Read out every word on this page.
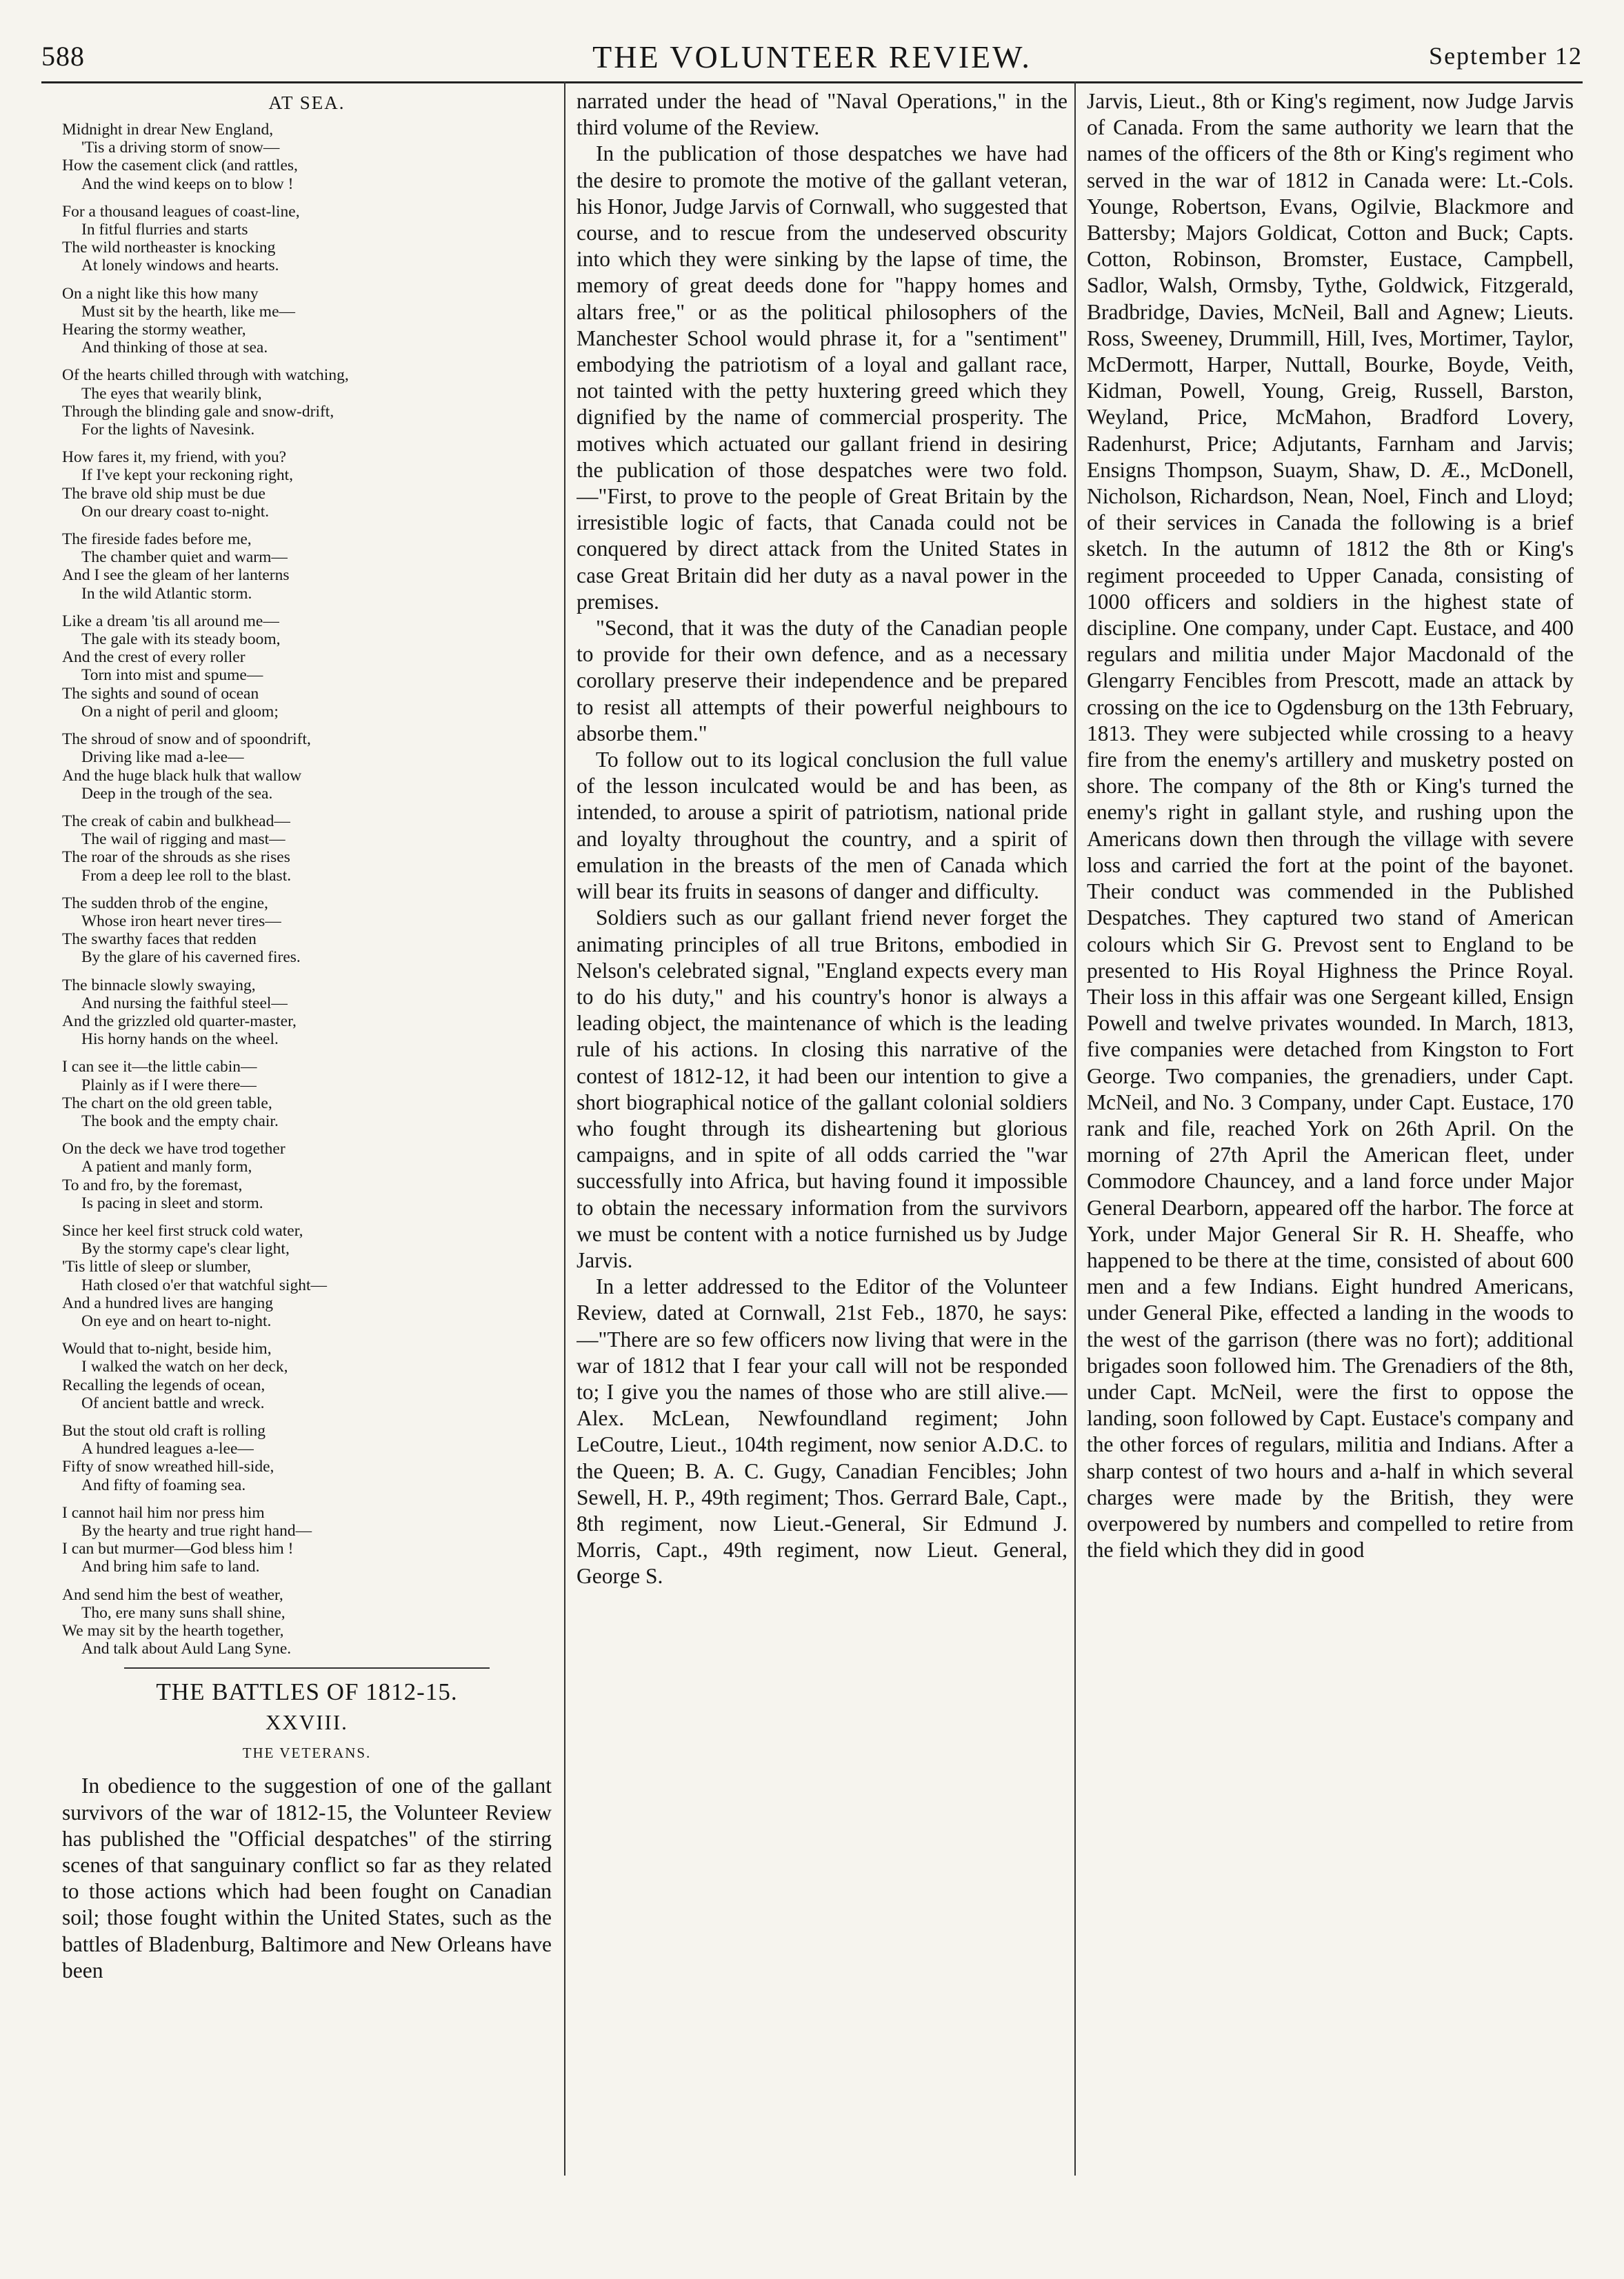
588	THE VOLUNTEER REVIEW.	September 12
AT SEA.
Midnight in drear New England,
'Tis a driving storm of snow—
How the casement click (and rattles,
And the wind keeps on to blow !
For a thousand leagues of coast-line,
In fitful flurries and starts
The wild northeaster is knocking
At lonely windows and hearts.
On a night like this how many
Must sit by the hearth, like me—
Hearing the stormy weather,
And thinking of those at sea.
Of the hearts chilled through with watching,
The eyes that wearily blink,
Through the blinding gale and snow-drift,
For the lights of Navesink.
How fares it, my friend, with you?
If I've kept your reckoning right,
The brave old ship must be due
On our dreary coast to-night.
The fireside fades before me,
The chamber quiet and warm—
And I see the gleam of her lanterns
In the wild Atlantic storm.
Like a dream 'tis all around me—
The gale with its steady boom,
And the crest of every roller
Torn into mist and spume—
The sights and sound of ocean
On a night of peril and gloom;
The shroud of snow and of spoondrift,
Driving like mad a-lee—
And the huge black hulk that wallow
Deep in the trough of the sea.
The creak of cabin and bulkhead—
The wail of rigging and mast—
The roar of the shrouds as she rises
From a deep lee roll to the blast.
The sudden throb of the engine,
Whose iron heart never tires—
The swarthy faces that redden
By the glare of his caverned fires.
The binnacle slowly swaying,
And nursing the faithful steel—
And the grizzled old quarter-master,
His horny hands on the wheel.
I can see it—the little cabin—
Plainly as if I were there—
The chart on the old green table,
The book and the empty chair.
On the deck we have trod together
A patient and manly form,
To and fro, by the foremast,
Is pacing in sleet and storm.
Since her keel first struck cold water,
By the stormy cape's clear light,
'Tis little of sleep or slumber,
Hath closed o'er that watchful sight—
And a hundred lives are hanging
On eye and on heart to-night.
Would that to-night, beside him,
I walked the watch on her deck,
Recalling the legends of ocean,
Of ancient battle and wreck.
But the stout old craft is rolling
A hundred leagues a-lee—
Fifty of snow wreathed hill-side,
And fifty of foaming sea.
I cannot hail him nor press him
By the hearty and true right hand—
I can but murmer—God bless him !
And bring him safe to land.
And send him the best of weather,
Tho, ere many suns shall shine,
We may sit by the hearth together,
And talk about Auld Lang Syne.
THE BATTLES OF 1812-15.
XXVIII.
THE VETERANS.

In obedience to the suggestion of one of the gallant survivors of the war of 1812-15, the Volunteer Review has published the "Official despatches" of the stirring scenes of that sanguinary conflict so far as they related to those actions which had been fought on Canadian soil; those fought within the United States, such as the battles of Bladenburg, Baltimore and New Orleans have been

narrated under the head of "Naval Operations," in the third volume of the Review.

In the publication of those despatches we have had the desire to promote the motive of the gallant veteran, his Honor, Judge Jarvis of Cornwall, who suggested that course, and to rescue from the undeserved obscurity into which they were sinking by the lapse of time, the memory of great deeds done for "happy homes and altars free," or as the political philosophers of the Manchester School would phrase it, for a "sentiment" embodying the patriotism of a loyal and gallant race, not tainted with the petty huxtering greed which they dignified by the name of commercial prosperity. The motives which actuated our gallant friend in desiring the publication of those despatches were two fold.—"First, to prove to the people of Great Britain by the irresistible logic of facts, that Canada could not be conquered by direct attack from the United States in case Great Britain did her duty as a naval power in the premises.

"Second, that it was the duty of the Canadian people to provide for their own defence, and as a necessary corollary preserve their independence and be prepared to resist all attempts of their powerful neighbours to absorbe them."

To follow out to its logical conclusion the full value of the lesson inculcated would be and has been, as intended, to arouse a spirit of patriotism, national pride and loyalty throughout the country, and a spirit of emulation in the breasts of the men of Canada which will bear its fruits in seasons of danger and difficulty.

Soldiers such as our gallant friend never forget the animating principles of all true Britons, embodied in Nelson's celebrated signal, "England expects every man to do his duty," and his country's honor is always a leading object, the maintenance of which is the leading rule of his actions. In closing this narrative of the contest of 1812-12, it had been our intention to give a short biographical notice of the gallant colonial soldiers who fought through its disheartening but glorious campaigns, and in spite of all odds carried the "war successfully into Africa, but having found it impossible to obtain the necessary information from the survivors we must be content with a notice furnished us by Judge Jarvis.

In a letter addressed to the Editor of the Volunteer Review, dated at Cornwall, 21st Feb., 1870, he says:—"There are so few officers now living that were in the war of 1812 that I fear your call will not be responded to; I give you the names of those who are still alive.—Alex. McLean, Newfoundland regiment; John LeCoutre, Lieut., 104th regiment, now senior A.D.C. to the Queen; B. A. C. Gugy, Canadian Fencibles; John Sewell, H. P., 49th regiment; Thos. Gerrard Bale, Capt., 8th regiment, now Lieut.-General, Sir Edmund J. Morris, Capt., 49th regiment, now Lieut. General, George S.

Jarvis, Lieut., 8th or King's regiment, now Judge Jarvis of Canada. From the same authority we learn that the names of the officers of the 8th or King's regiment who served in the war of 1812 in Canada were: Lt.-Cols. Younge, Robertson, Evans, Ogilvie, Blackmore and Battersby; Majors Goldicat, Cotton and Buck; Capts. Cotton, Robinson, Bromster, Eustace, Campbell, Sadlor, Walsh, Ormsby, Tythe, Goldwick, Fitzgerald, Bradbridge, Davies, McNeil, Ball and Agnew; Lieuts. Ross, Sweeney, Drummill, Hill, Ives, Mortimer, Taylor, McDermott, Harper, Nuttall, Bourke, Boyde, Veith, Kidman, Powell, Young, Greig, Russell, Barston, Weyland, Price, McMahon, Bradford Lovery, Radenhurst, Price; Adjutants, Farnham and Jarvis; Ensigns Thompson, Suaym, Shaw, D. Æ., McDonell, Nicholson, Richardson, Nean, Noel, Finch and Lloyd; of their services in Canada the following is a brief sketch. In the autumn of 1812 the 8th or King's regiment proceeded to Upper Canada, consisting of 1000 officers and soldiers in the highest state of discipline. One company, under Capt. Eustace, and 400 regulars and militia under Major Macdonald of the Glengarry Fencibles from Prescott, made an attack by crossing on the ice to Ogdensburg on the 13th February, 1813. They were subjected while crossing to a heavy fire from the enemy's artillery and musketry posted on shore. The company of the 8th or King's turned the enemy's right in gallant style, and rushing upon the Americans down then through the village with severe loss and carried the fort at the point of the bayonet. Their conduct was commended in the Published Despatches. They captured two stand of American colours which Sir G. Prevost sent to England to be presented to His Royal Highness the Prince Royal. Their loss in this affair was one Sergeant killed, Ensign Powell and twelve privates wounded. In March, 1813, five companies were detached from Kingston to Fort George. Two companies, the grenadiers, under Capt. McNeil, and No. 3 Company, under Capt. Eustace, 170 rank and file, reached York on 26th April. On the morning of 27th April the American fleet, under Commodore Chauncey, and a land force under Major General Dearborn, appeared off the harbor. The force at York, under Major General Sir R. H. Sheaffe, who happened to be there at the time, consisted of about 600 men and a few Indians. Eight hundred Americans, under General Pike, effected a landing in the woods to the west of the garrison (there was no fort); additional brigades soon followed him. The Grenadiers of the 8th, under Capt. McNeil, were the first to oppose the landing, soon followed by Capt. Eustace's company and the other forces of regulars, militia and Indians. After a sharp contest of two hours and a-half in which several charges were made by the British, they were overpowered by numbers and compelled to retire from the field which they did in good
